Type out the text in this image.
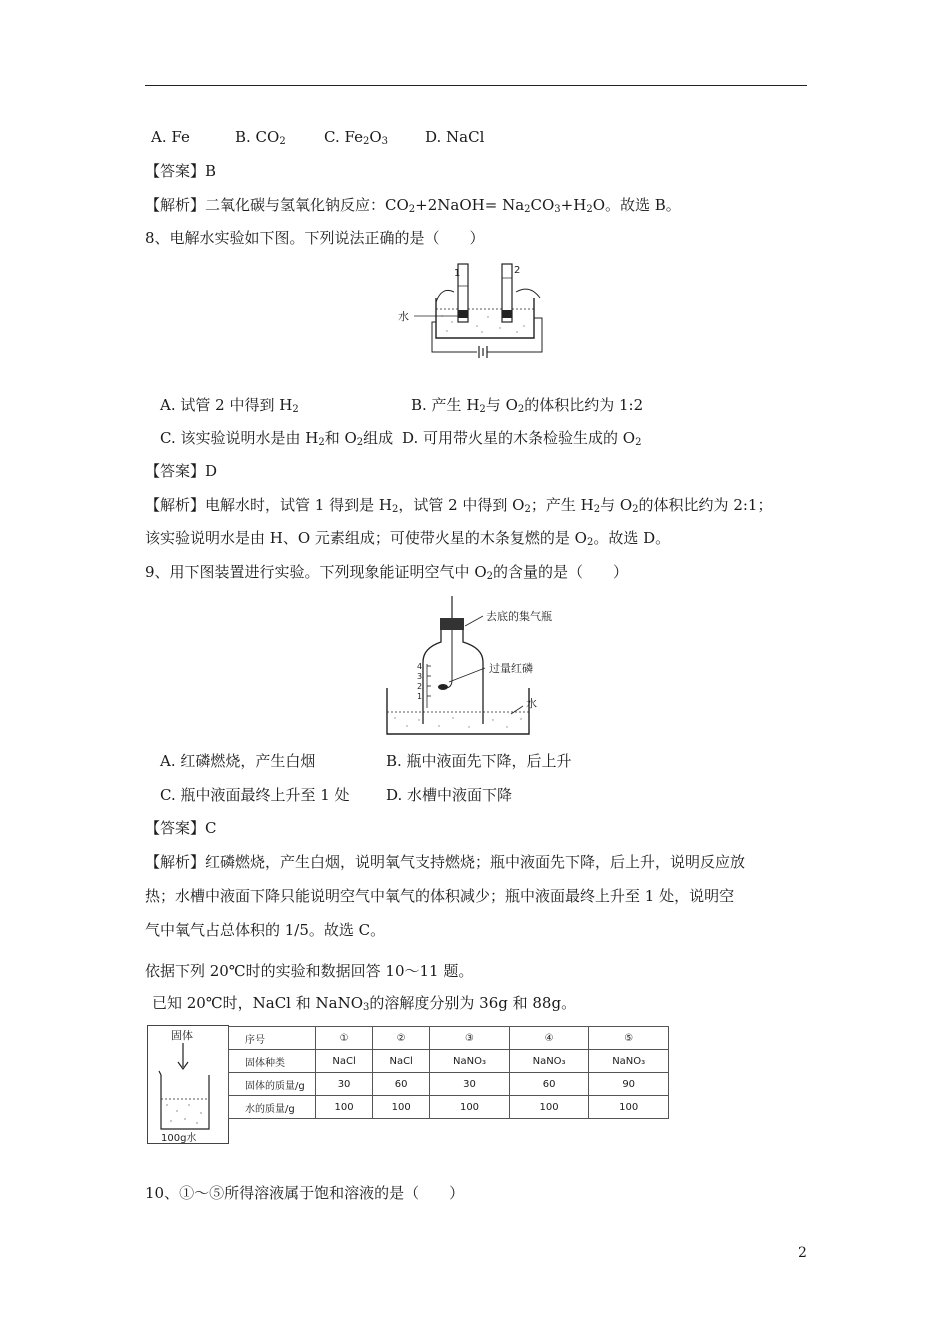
A. Fe	B. $CO_2$	C. $Fe_2O_3$ D. NaCl
【答案】B
【解析】二氧化碳与氢氧化钠反应：$CO_2+2NaOH= Na_2CO_3+H_2O$。故选 B。
8、电解水实验如下图。下列说法正确的是（　　）
1	2
水
A. 试管 2 中得到 $H_2$	B. 产生 $H_2$与 $O_2$的体积比约为 1:2
C. 该实验说明水是由 $H_2$和 $O_2$组成 D. 可用带火星的木条检验生成的 $O_2$
【答案】D
【解析】电解水时，试管 1 得到是 $H_2$，试管 2 中得到 $O_2$；产生 $H_2$与 $O_2$的体积比约为 2:1；
该实验说明水是由 H、O 元素组成；可使带火星的木条复燃的是 $O_2$。故选 D。
9、用下图装置进行实验。下列现象能证明空气中 $O_2$的含量的是（　　）
4
3
2
1
去底的集气瓶
过量红磷
水
A. 红磷燃烧，产生白烟	B. 瓶中液面先下降，后上升
C. 瓶中液面最终上升至 1 处 D. 水槽中液面下降
【答案】C
【解析】红磷燃烧，产生白烟，说明氧气支持燃烧；瓶中液面先下降，后上升，说明反应放
热；水槽中液面下降只能说明空气中氧气的体积减少；瓶中液面最终上升至 1 处，说明空
气中氧气占总体积的 1/5。故选 C。
依据下列 20℃时的实验和数据回答 10～11 题。
已知 20℃时，NaCl 和 NaNO$_3$的溶解度分别为 36g 和 88g。
固体
100g水
序号	①	②	③	④	⑤
固体种类	NaCl	NaCl	NaNO₃	NaNO₃	NaNO₃
固体的质量/g	30	60	30	60	90
水的质量/g	100	100	100	100	100
10、①～⑤所得溶液属于饱和溶液的是（　　）
2
